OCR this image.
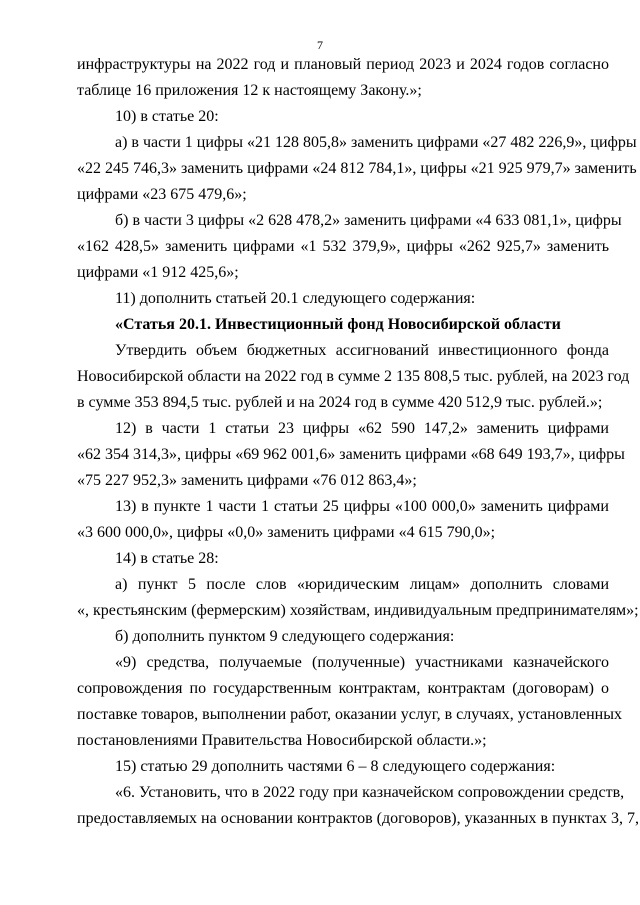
7
инфраструктуры на 2022 год и плановый период 2023 и 2024 годов согласно
таблице 16 приложения 12 к настоящему Закону.»;
10) в статье 20:
а) в части 1 цифры «21 128 805,8» заменить цифрами «27 482 226,9», цифры
«22 245 746,3» заменить цифрами «24 812 784,1», цифры «21 925 979,7» заменить
цифрами «23 675 479,6»;
б) в части 3 цифры «2 628 478,2» заменить цифрами «4 633 081,1», цифры
«162 428,5» заменить цифрами «1 532 379,9», цифры «262 925,7» заменить
цифрами «1 912 425,6»;
11) дополнить статьей 20.1 следующего содержания:
«Статья 20.1. Инвестиционный фонд Новосибирской области
Утвердить объем бюджетных ассигнований инвестиционного фонда
Новосибирской области на 2022 год в сумме 2 135 808,5 тыс. рублей, на 2023 год
в сумме 353 894,5 тыс. рублей и на 2024 год в сумме 420 512,9 тыс. рублей.»;
12) в части 1 статьи 23 цифры «62 590 147,2» заменить цифрами
«62 354 314,3», цифры «69 962 001,6» заменить цифрами «68 649 193,7», цифры
«75 227 952,3» заменить цифрами «76 012 863,4»;
13) в пункте 1 части 1 статьи 25 цифры «100 000,0» заменить цифрами
«3 600 000,0», цифры «0,0» заменить цифрами «4 615 790,0»;
14) в статье 28:
а) пункт 5 после слов «юридическим лицам» дополнить словами
«, крестьянским (фермерским) хозяйствам, индивидуальным предпринимателям»;
б) дополнить пунктом 9 следующего содержания:
«9) средства, получаемые (полученные) участниками казначейского
сопровождения по государственным контрактам, контрактам (договорам) о
поставке товаров, выполнении работ, оказании услуг, в случаях, установленных
постановлениями Правительства Новосибирской области.»;
15) статью 29 дополнить частями 6 – 8 следующего содержания:
«6. Установить, что в 2022 году при казначейском сопровождении средств,
предоставляемых на основании контрактов (договоров), указанных в пунктах 3, 7,
